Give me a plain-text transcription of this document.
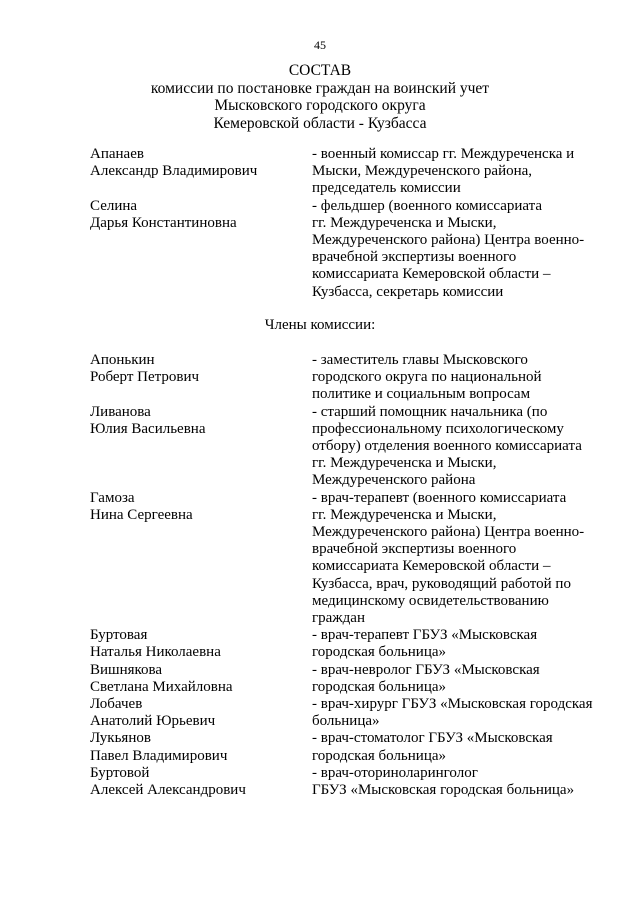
45
СОСТАВ
комиссии по постановке граждан на воинский учет
Мысковского городского округа
Кемеровской области - Кузбасса
Апанаев
Александр Владимирович
- военный комиссар гг. Междуреченска и
Мыски, Междуреченского района,
председатель комиссии
Селина
Дарья Константиновна
- фельдшер (военного комиссариата
гг. Междуреченска и Мыски,
Междуреченского района) Центра военно-
врачебной экспертизы военного
комиссариата Кемеровской области –
Кузбасса, секретарь комиссии
Члены комиссии:
Апонькин
Роберт Петрович
- заместитель главы Мысковского
городского округа по национальной
политике и социальным вопросам
Ливанова
Юлия Васильевна
- старший помощник начальника (по
профессиональному психологическому
отбору) отделения военного комиссариата
гг. Междуреченска и Мыски,
Междуреченского района
Гамоза
Нина Сергеевна
- врач-терапевт (военного комиссариата
гг. Междуреченска и Мыски,
Междуреченского района) Центра военно-
врачебной экспертизы военного
комиссариата Кемеровской области –
Кузбасса, врач, руководящий работой по
медицинскому освидетельствованию
граждан
Буртовая
Наталья Николаевна
- врач-терапевт ГБУЗ «Мысковская
городская больница»
Вишнякова
Светлана Михайловна
- врач-невролог ГБУЗ «Мысковская
городская больница»
Лобачев
Анатолий Юрьевич
- врач-хирург ГБУЗ «Мысковская городская
больница»
Лукьянов
Павел Владимирович
- врач-стоматолог ГБУЗ «Мысковская
городская больница»
Буртовой
Алексей Александрович
- врач-оториноларинголог
ГБУЗ «Мысковская городская больница»
